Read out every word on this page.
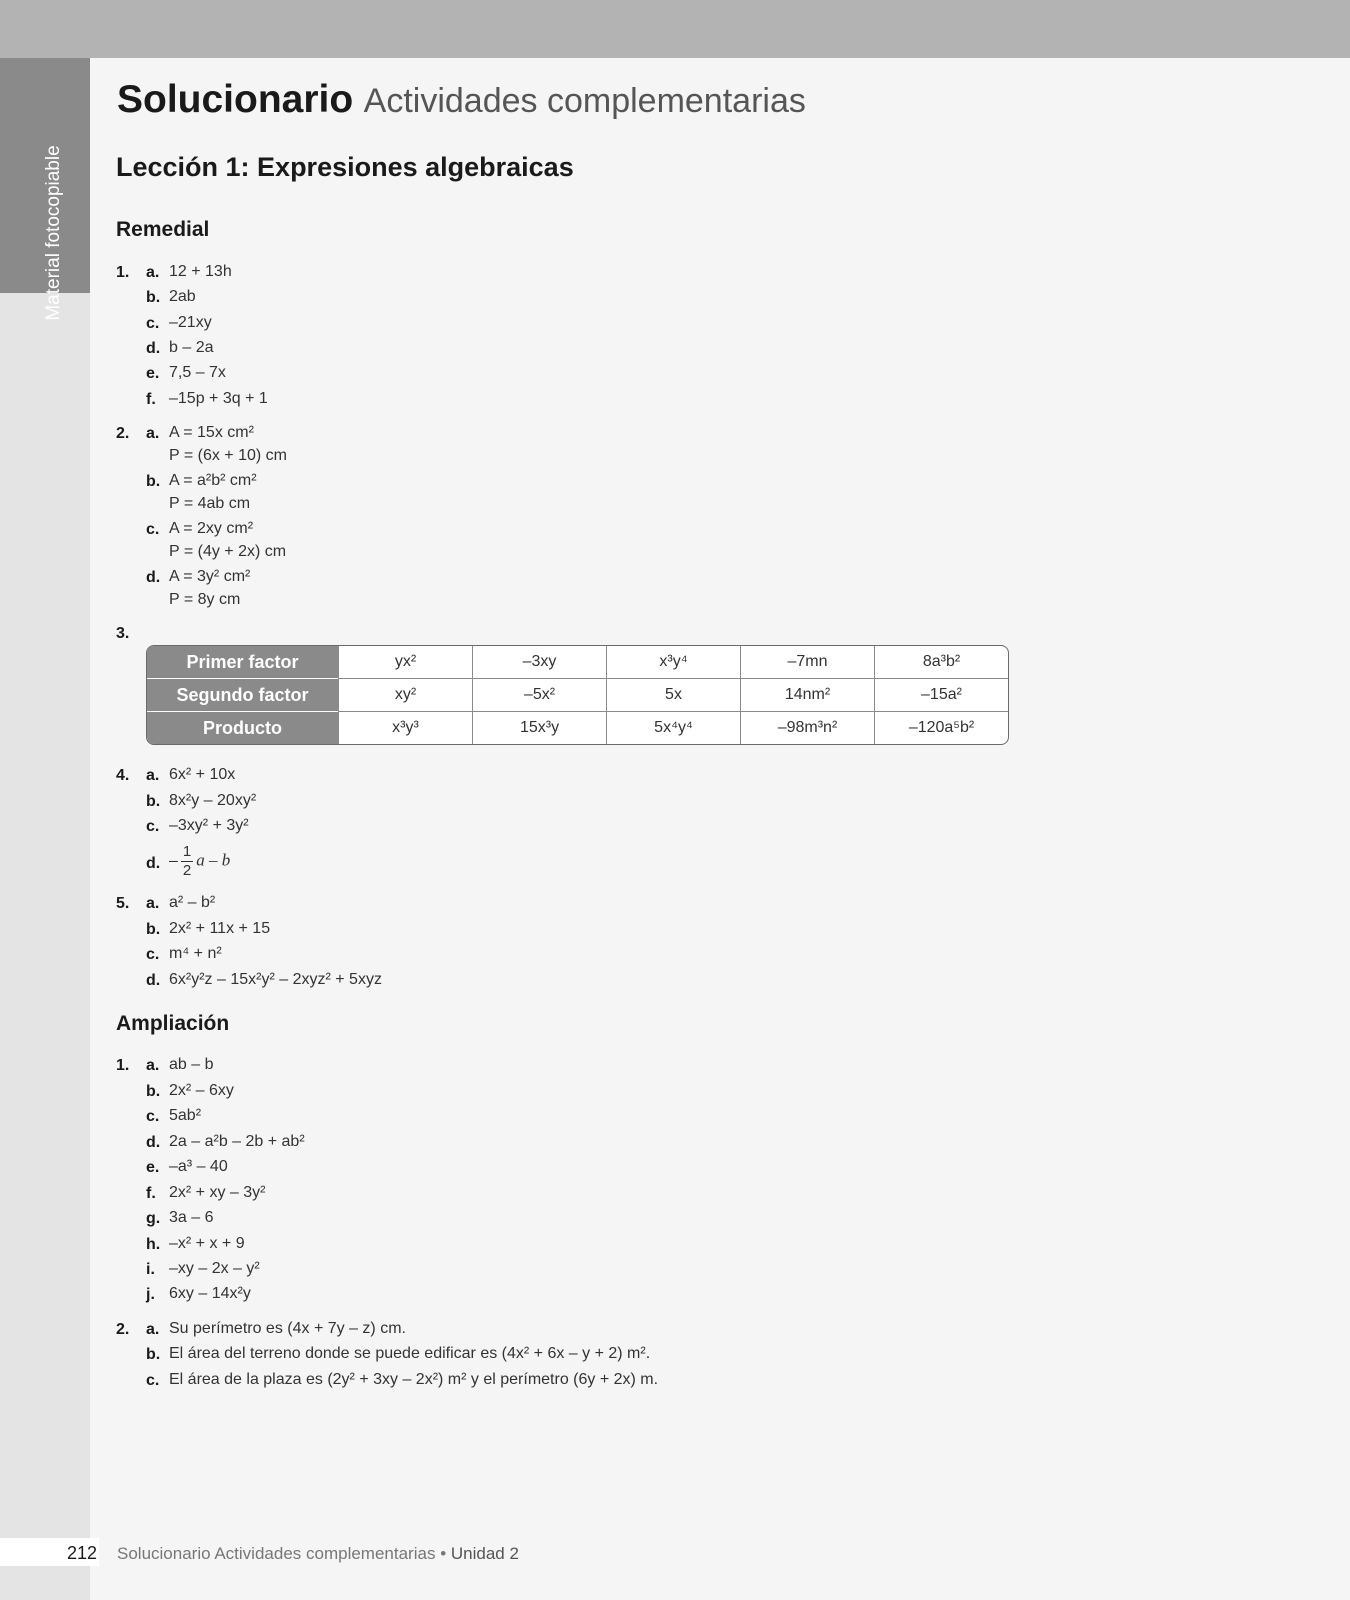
Material fotocopiable
Solucionario Actividades complementarias
Lección 1: Expresiones algebraicas
Remedial
1. a. 12 + 13h
b. 2ab
c. –21xy
d. b – 2a
e. 7,5 – 7x
f. –15p + 3q + 1
2. a. A = 15x cm²
P = (6x + 10) cm
b. A = a²b² cm²
P = 4ab cm
c. A = 2xy cm²
P = (4y + 2x) cm
d. A = 3y² cm²
P = 8y cm
3.
Primer factor	yx²	–3xy	x³y⁴	–7mn	8a³b²
Segundo factor	xy²	–5x²	5x	14nm²	–15a²
Producto	x³y³	15x³y	5x⁴y⁴	–98m³n²	–120a⁵b²
4. a. 6x² + 10x
b. 8x²y – 20xy²
c. –3xy² + 3y²
d. – $\frac{1}{2}$ a – b
5. a. a² – b²
b. 2x² + 11x + 15
c. m⁴ + n²
d. 6x²y²z – 15x²y² – 2xyz² + 5xyz
Ampliación
1. a. ab – b
b. 2x² – 6xy
c. 5ab²
d. 2a – a²b – 2b + ab²
e. –a³ – 40
f. 2x² + xy – 3y²
g. 3a – 6
h. –x² + x + 9
i. –xy – 2x – y²
j. 6xy – 14x²y
2. a. Su perímetro es (4x + 7y – z) cm.
b. El área del terreno donde se puede edificar es (4x² + 6x – y + 2) m².
c. El área de la plaza es (2y² + 3xy – 2x²) m² y el perímetro (6y + 2x) m.
212 Solucionario Actividades complementarias • Unidad 2
